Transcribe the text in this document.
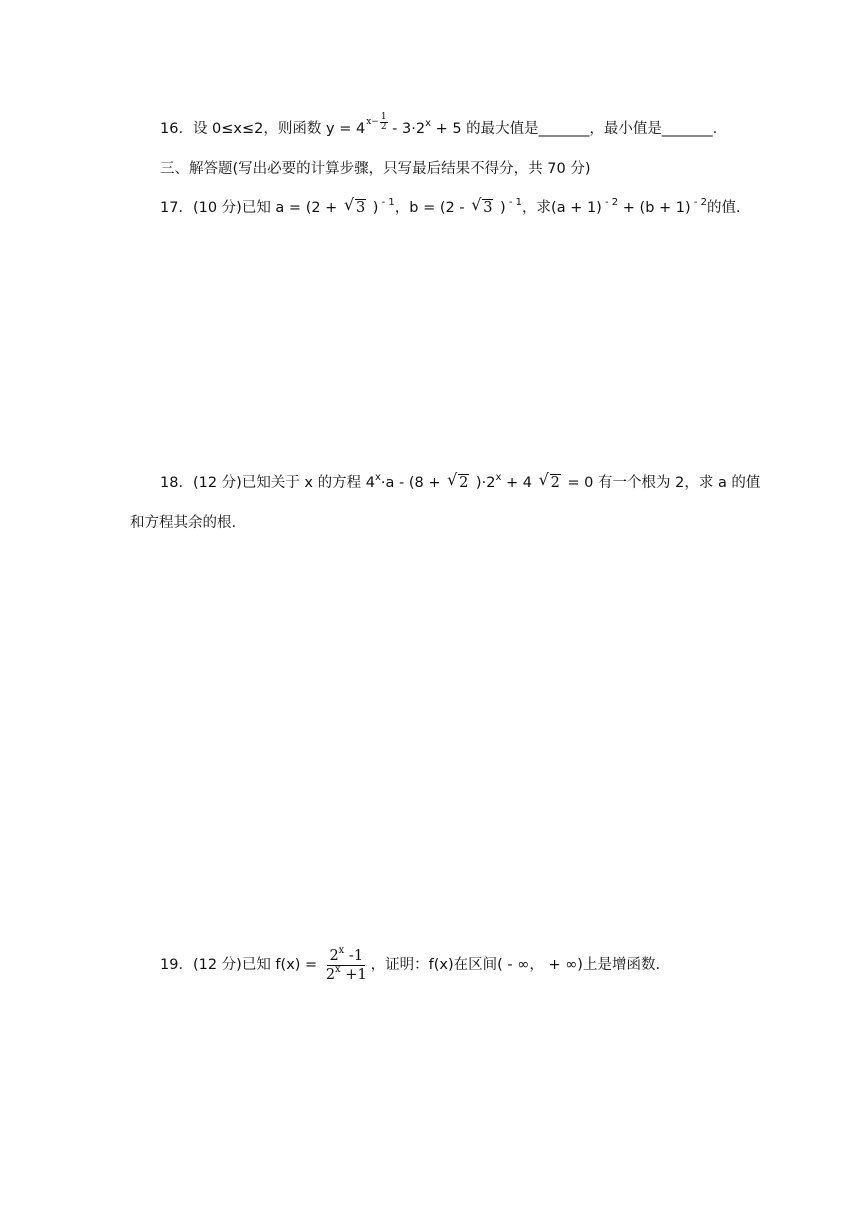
16．设 0≤x≤2，则函数 y = 4 $x - \frac{1}{2} - 3\cdot 2^x + 5$ 的最大值是_______，最小值是_______.
三、解答题(写出必要的计算步骤，只写最后结果不得分，共 70 分)
17．(10 分)已知 a = (2 + √ 3 ) $^{- 1}$，b = (2 - √ 3 ) $^{- 1}$，求(a + 1) $^{- 2}$ + (b + 1) $^{- 2}$的值.
18．(12 分)已知关于 x 的方程 $4^x\cdot a - (8$ + √ 2 )$\cdot 2^x + 4$ √ 2 = 0 有一个根为 2，求 a 的值
和方程其余的根.
19．(12 分)已知 $f(x) = \frac{2^x -1}{2^x +1}$ ，证明：f(x)在区间( - ∞， + ∞)上是增函数.
